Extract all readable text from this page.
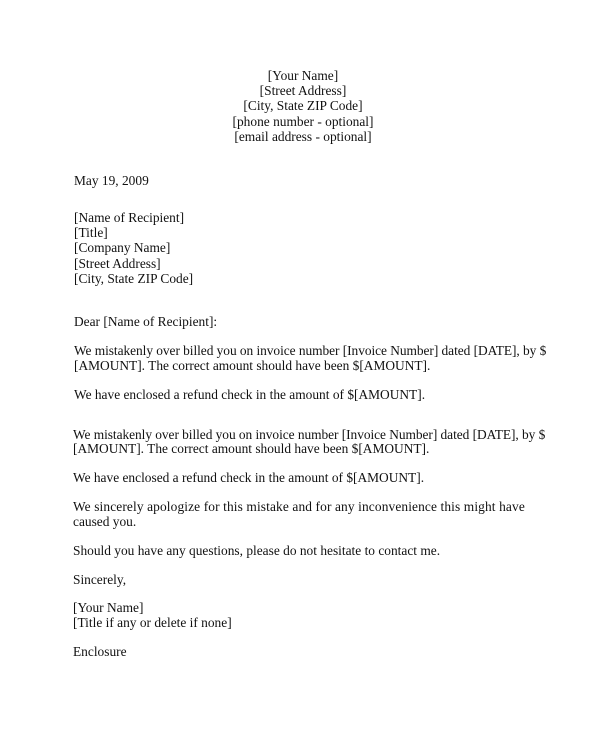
[Your Name]
[Street Address]
[City, State ZIP Code]
[phone number - optional]
[email address - optional]
May 19, 2009
[Name of Recipient]
[Title]
[Company Name]
[Street Address]
[City, State ZIP Code]
Dear [Name of Recipient]:
We mistakenly over billed you on invoice number [Invoice Number] dated [DATE], by $
[AMOUNT]. The correct amount should have been $[AMOUNT].
We have enclosed a refund check in the amount of $[AMOUNT].
We mistakenly over billed you on invoice number [Invoice Number] dated [DATE], by $
[AMOUNT]. The correct amount should have been $[AMOUNT].
We have enclosed a refund check in the amount of $[AMOUNT].
We sincerely apologize for this mistake and for any inconvenience this might have
caused you.
Should you have any questions, please do not hesitate to contact me.
Sincerely,
[Your Name]
[Title if any or delete if none]
Enclosure
